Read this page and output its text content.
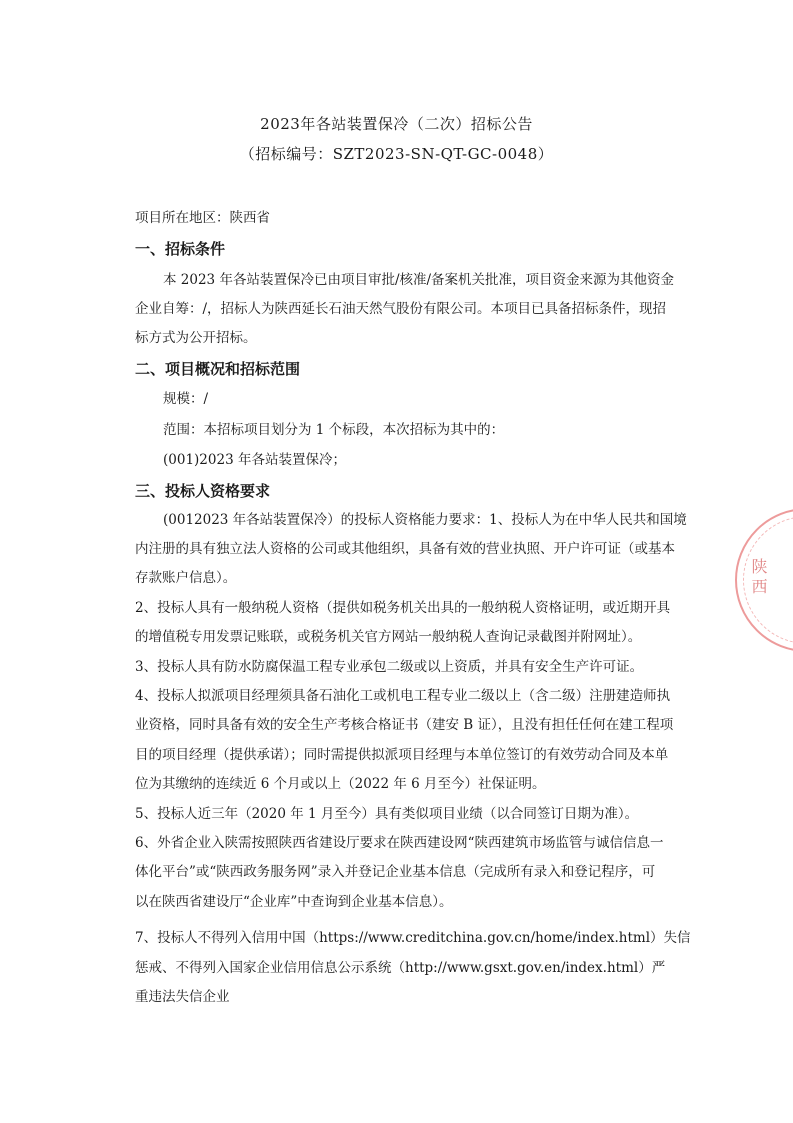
2023年各站装置保冷（二次）招标公告
（招标编号：SZT2023-SN-QT-GC-0048）
项目所在地区：陕西省
一、招标条件
本 2023 年各站装置保冷已由项目审批/核准/备案机关批准，项目资金来源为其他资金
企业自筹：/，招标人为陕西延长石油天然气股份有限公司。本项目已具备招标条件，现招
标方式为公开招标。
二、项目概况和招标范围
规模：/
范围：本招标项目划分为 1 个标段，本次招标为其中的：
(001)2023 年各站装置保冷；
三、投标人资格要求
(0012023 年各站装置保冷）的投标人资格能力要求：1、投标人为在中华人民共和国境
内注册的具有独立法人资格的公司或其他组织，具备有效的营业执照、开户许可证（或基本
存款账户信息）。
2、投标人具有一般纳税人资格（提供如税务机关出具的一般纳税人资格证明，或近期开具
的增值税专用发票记账联，或税务机关官方网站一般纳税人查询记录截图并附网址）。
3、投标人具有防水防腐保温工程专业承包二级或以上资质，并具有安全生产许可证。
4、投标人拟派项目经理须具备石油化工或机电工程专业二级以上（含二级）注册建造师执
业资格，同时具备有效的安全生产考核合格证书（建安 B 证），且没有担任任何在建工程项
目的项目经理（提供承诺）；同时需提供拟派项目经理与本单位签订的有效劳动合同及本单
位为其缴纳的连续近 6 个月或以上（2022 年 6 月至今）社保证明。
5、投标人近三年（2020 年 1 月至今）具有类似项目业绩（以合同签订日期为准）。
6、外省企业入陕需按照陕西省建设厅要求在陕西建设网“陕西建筑市场监管与诚信信息一
体化平台”或“陕西政务服务网”录入并登记企业基本信息（完成所有录入和登记程序，可
以在陕西省建设厅“企业库”中查询到企业基本信息）。
7、投标人不得列入信用中国（https://www.creditchina.gov.cn/home/index.html）失信
惩戒、不得列入国家企业信用信息公示系统（http://www.gsxt.gov.en/index.html）严
重违法失信企业
陕西
